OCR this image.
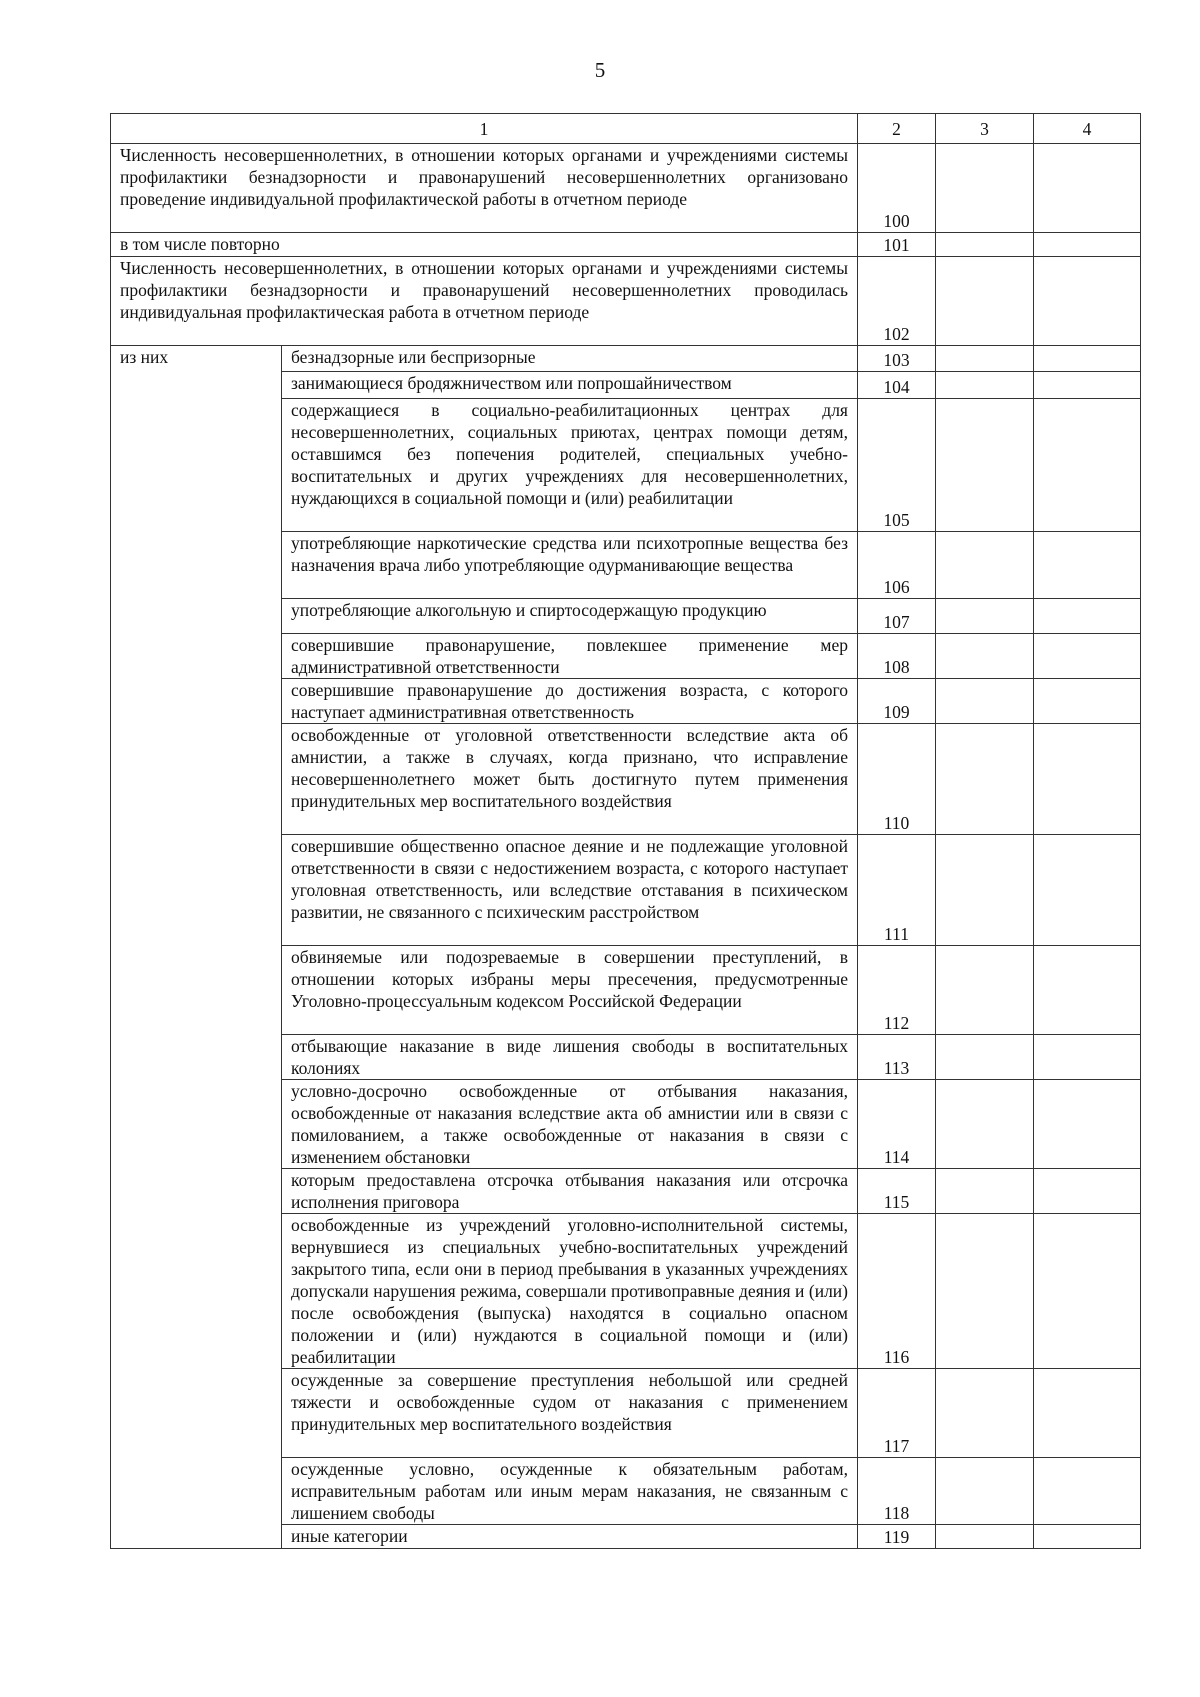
5
1		2	3	4
Численность несовершеннолетних, в отношении которых органами и учреждениями системы профилактики безнадзорности и правонарушений несовершеннолетних организовано проведение индивидуальной профилактической работы в отчетном периоде		100		
в том числе повторно		101		
Численность несовершеннолетних, в отношении которых органами и учреждениями системы профилактики безнадзорности и правонарушений несовершеннолетних проводилась индивидуальная профилактическая работа в отчетном периоде		102		
из них	безнадзорные или беспризорные	103		
	занимающиеся бродяжничеством или попрошайничеством	104		
	содержащиеся в социально-реабилитационных центрах для несовершеннолетних, социальных приютах, центрах помощи детям, оставшимся без попечения родителей, специальных учебно-воспитательных и других учреждениях для несовершеннолетних, нуждающихся в социальной помощи и (или) реабилитации	105		
	употребляющие наркотические средства или психотропные вещества без назначения врача либо употребляющие одурманивающие вещества	106		
	употребляющие алкогольную и спиртосодержащую продукцию	107		
	совершившие правонарушение, повлекшее применение мер административной ответственности	108		
	совершившие правонарушение до достижения возраста, с которого наступает административная ответственность	109		
	освобожденные от уголовной ответственности вследствие акта об амнистии, а также в случаях, когда признано, что исправление несовершеннолетнего может быть достигнуто путем применения принудительных мер воспитательного воздействия	110		
	совершившие общественно опасное деяние и не подлежащие уголовной ответственности в связи с недостижением возраста, с которого наступает уголовная ответственность, или вследствие отставания в психическом развитии, не связанного с психическим расстройством	111		
	обвиняемые или подозреваемые в совершении преступлений, в отношении которых избраны меры пресечения, предусмотренные Уголовно-процессуальным кодексом Российской Федерации	112		
	отбывающие наказание в виде лишения свободы в воспитательных колониях	113		
	условно-досрочно освобожденные от отбывания наказания, освобожденные от наказания вследствие акта об амнистии или в связи с помилованием, а также освобожденные от наказания в связи с изменением обстановки	114		
	которым предоставлена отсрочка отбывания наказания или отсрочка исполнения приговора	115		
	освобожденные из учреждений уголовно-исполнительной системы, вернувшиеся из специальных учебно-воспитательных учреждений закрытого типа, если они в период пребывания в указанных учреждениях допускали нарушения режима, совершали противоправные деяния и (или) после освобождения (выпуска) находятся в социально опасном положении и (или) нуждаются в социальной помощи и (или) реабилитации	116		
	осужденные за совершение преступления небольшой или средней тяжести и освобожденные судом от наказания с применением принудительных мер воспитательного воздействия	117		
	осужденные условно, осужденные к обязательным работам, исправительным работам или иным мерам наказания, не связанным с лишением свободы	118		
	иные категории	119		
